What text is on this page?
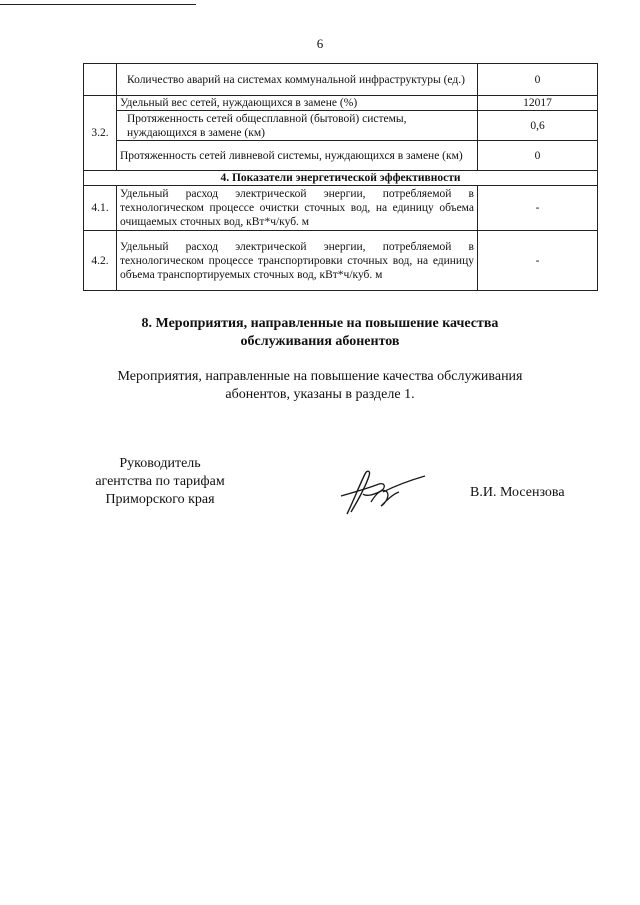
6
	Количество аварий на системах коммунальной инфраструктуры (ед.)	0
3.2.	Удельный вес сетей, нуждающихся в замене (%)	12017
	Протяженность сетей общесплавной (бытовой) системы, нуждающихся в замене (км)	0,6
	Протяженность сетей ливневой системы, нуждающихся в замене (км)	0
4. Показатели энергетической эффективности		
4.1.	Удельный расход электрической энергии, потребляемой в технологическом процессе очистки сточных вод, на единицу объема очищаемых сточных вод, кВт*ч/куб. м	-
4.2.	Удельный расход электрической энергии, потребляемой в технологическом процессе транспортировки сточных вод, на единицу объема транспортируемых сточных вод, кВт*ч/куб. м	-
8. Мероприятия, направленные на повышение качества
обслуживания абонентов
Мероприятия, направленные на повышение качества обслуживания
абонентов, указаны в разделе 1.
Руководитель
агентства по тарифам
Приморского края	В.И. Мосензова
